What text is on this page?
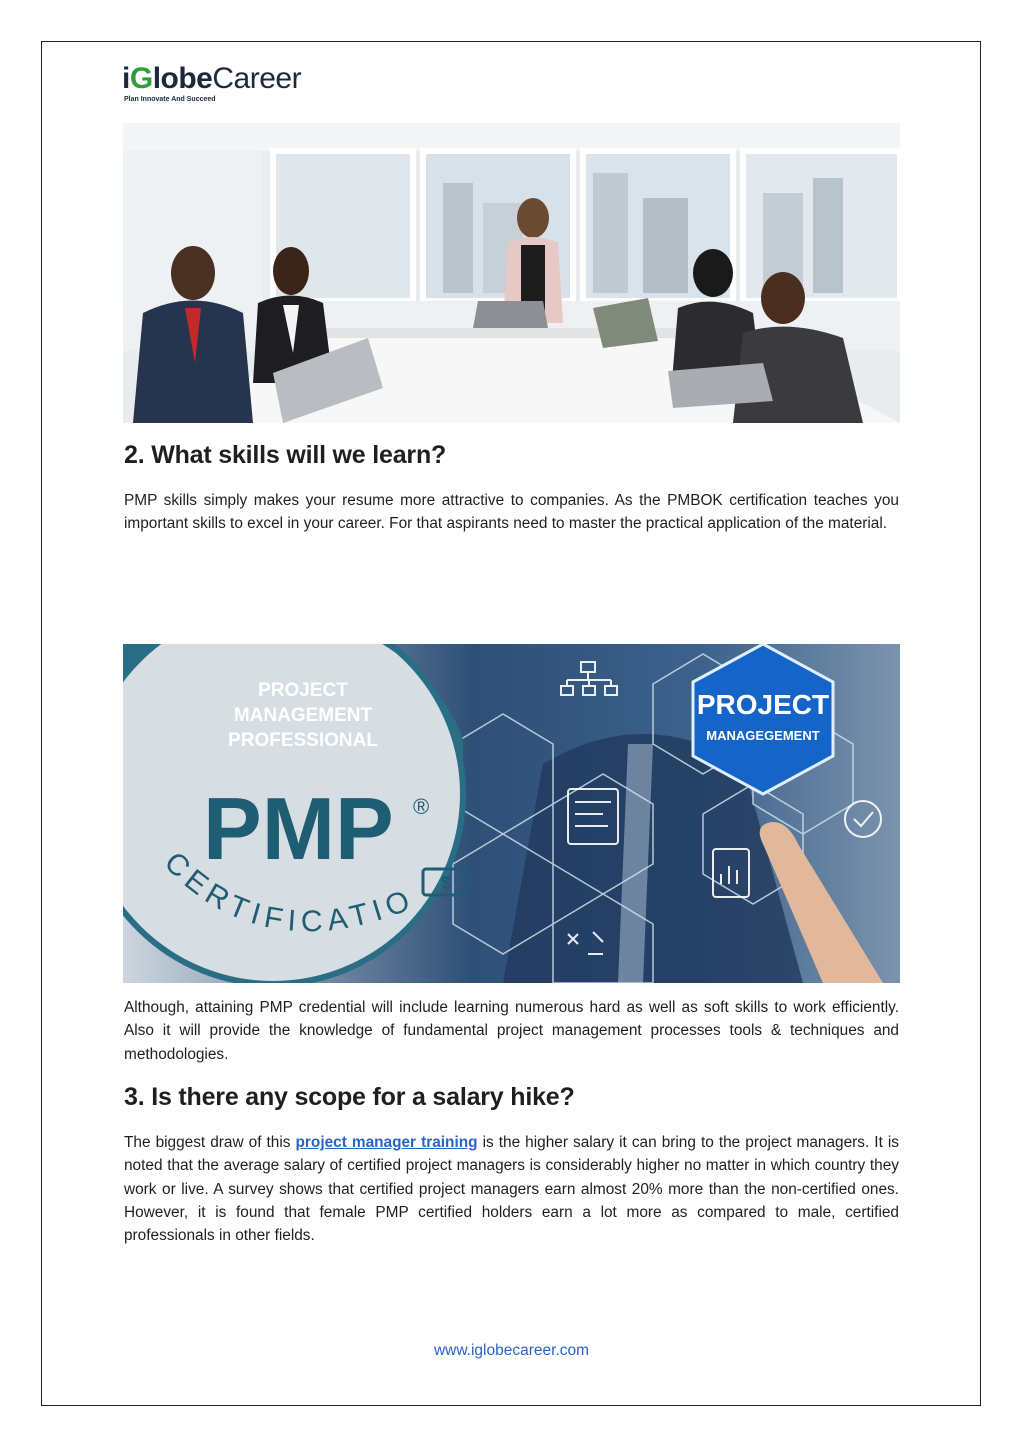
iGlobeCareer
Plan Innovate And Succeed
2. What skills will we learn?

PMP skills simply makes your resume more attractive to companies. As the PMBOK certification teaches you important skills to excel in your career. For that aspirants need to master the practical application of the material.

PROJECT
MANAGEGEMENT
PROJECT
MANAGEMENT
PROFESSIONAL
PMP ®
CERTIFICATIO $

Although, attaining PMP credential will include learning numerous hard as well as soft skills to work efficiently. Also it will provide the knowledge of fundamental project management processes tools & techniques and methodologies.

3. Is there any scope for a salary hike?

The biggest draw of this project manager training is the higher salary it can bring to the project managers. It is noted that the average salary of certified project managers is considerably higher no matter in which country they work or live. A survey shows that certified project managers earn almost 20% more than the non-certified ones. However, it is found that female PMP certified holders earn a lot more as compared to male, certified professionals in other fields.

www.iglobecareer.com
